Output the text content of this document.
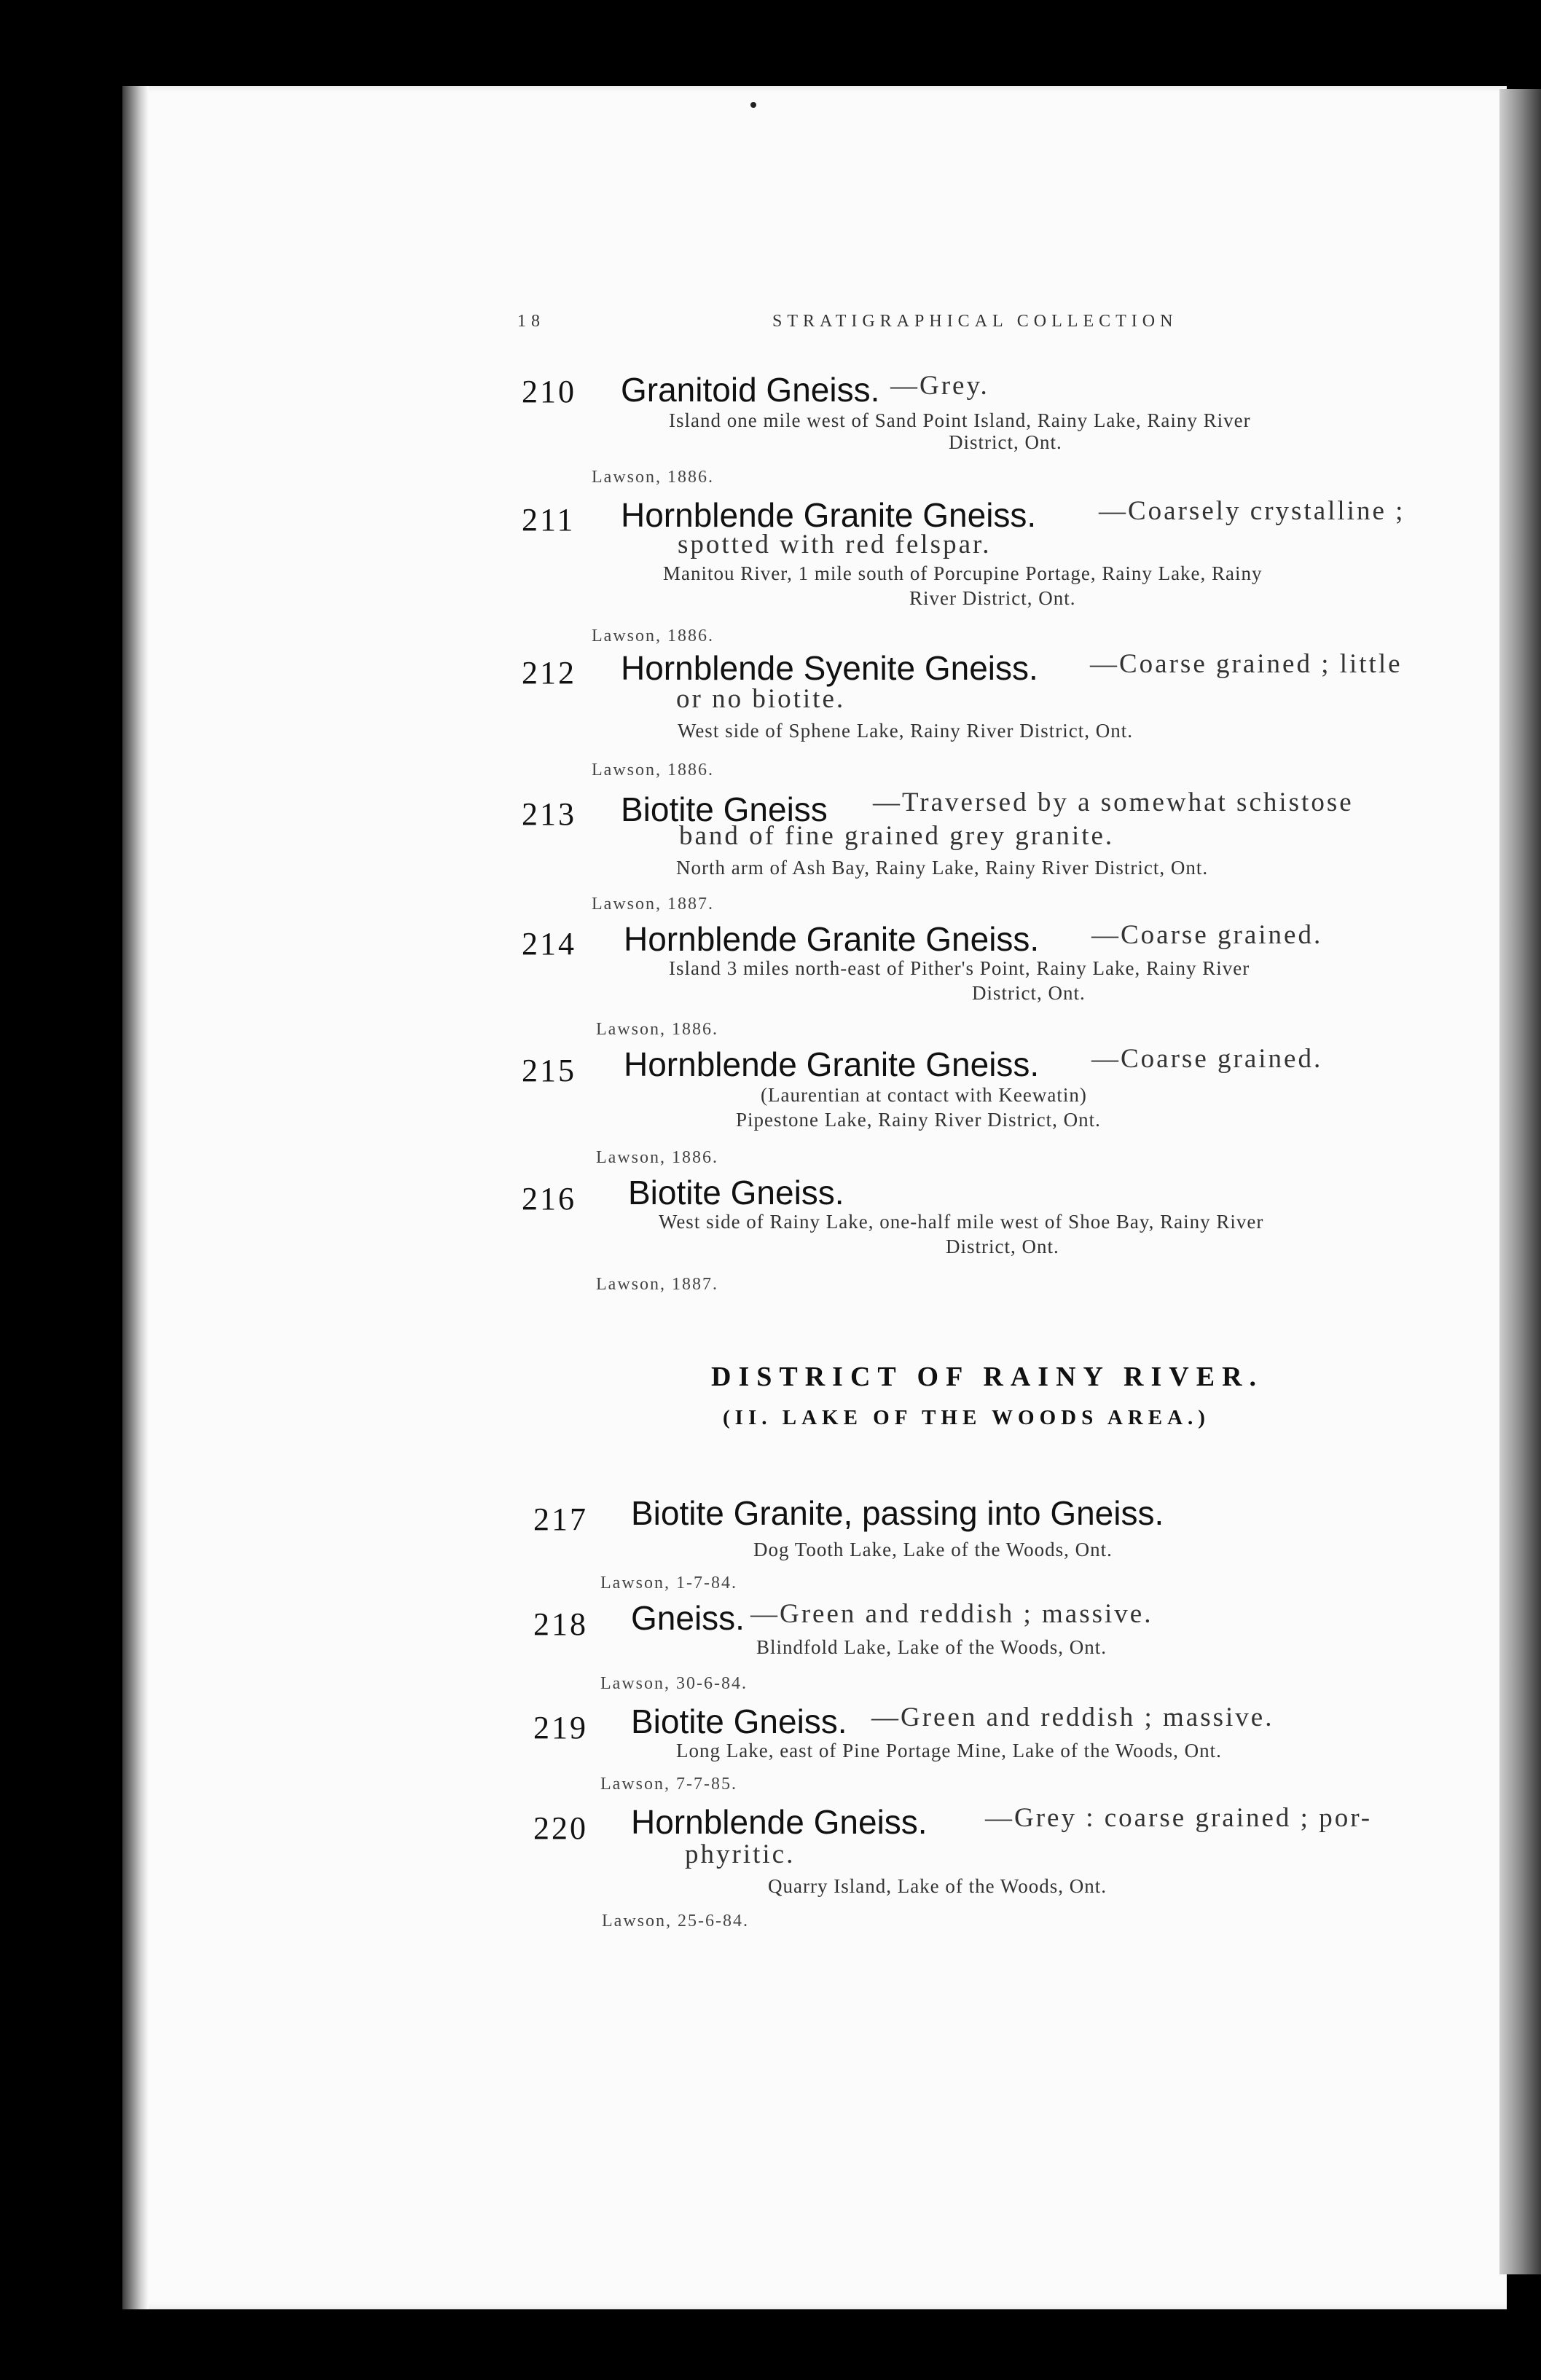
18	STRATIGRAPHICAL COLLECTION
210 Granitoid Gneiss. —Grey.
Island one mile west of Sand Point Island, Rainy Lake, Rainy River
District, Ont.
Lawson, 1886.
211 Hornblende Granite Gneiss. —Coarsely crystalline ;
spotted with red felspar.
Manitou River, 1 mile south of Porcupine Portage, Rainy Lake, Rainy
River District, Ont.
Lawson, 1886.
212 Hornblende Syenite Gneiss. —Coarse grained ; little
or no biotite.
West side of Sphene Lake, Rainy River District, Ont.
Lawson, 1886.
213 Biotite Gneiss —Traversed by a somewhat schistose
band of fine grained grey granite.
North arm of Ash Bay, Rainy Lake, Rainy River District, Ont.
Lawson, 1887.
214 Hornblende Granite Gneiss. —Coarse grained.
Island 3 miles north-east of Pither's Point, Rainy Lake, Rainy River
District, Ont.
Lawson, 1886.
215 Hornblende Granite Gneiss. —Coarse grained.
(Laurentian at contact with Keewatin)
Pipestone Lake, Rainy River District, Ont.
Lawson, 1886.
216 Biotite Gneiss.
West side of Rainy Lake, one-half mile west of Shoe Bay, Rainy River
District, Ont.
Lawson, 1887.
DISTRICT OF RAINY RIVER.
(II. LAKE OF THE WOODS AREA.)
217 Biotite Granite, passing into Gneiss.
Dog Tooth Lake, Lake of the Woods, Ont.
Lawson, 1-7-84.
218 Gneiss. —Green and reddish ; massive.
Blindfold Lake, Lake of the Woods, Ont.
Lawson, 30-6-84.
219 Biotite Gneiss. —Green and reddish ; massive.
Long Lake, east of Pine Portage Mine, Lake of the Woods, Ont.
Lawson, 7-7-85.
220 Hornblende Gneiss. —Grey : coarse grained ; por-
phyritic.
Quarry Island, Lake of the Woods, Ont.
Lawson, 25-6-84.
